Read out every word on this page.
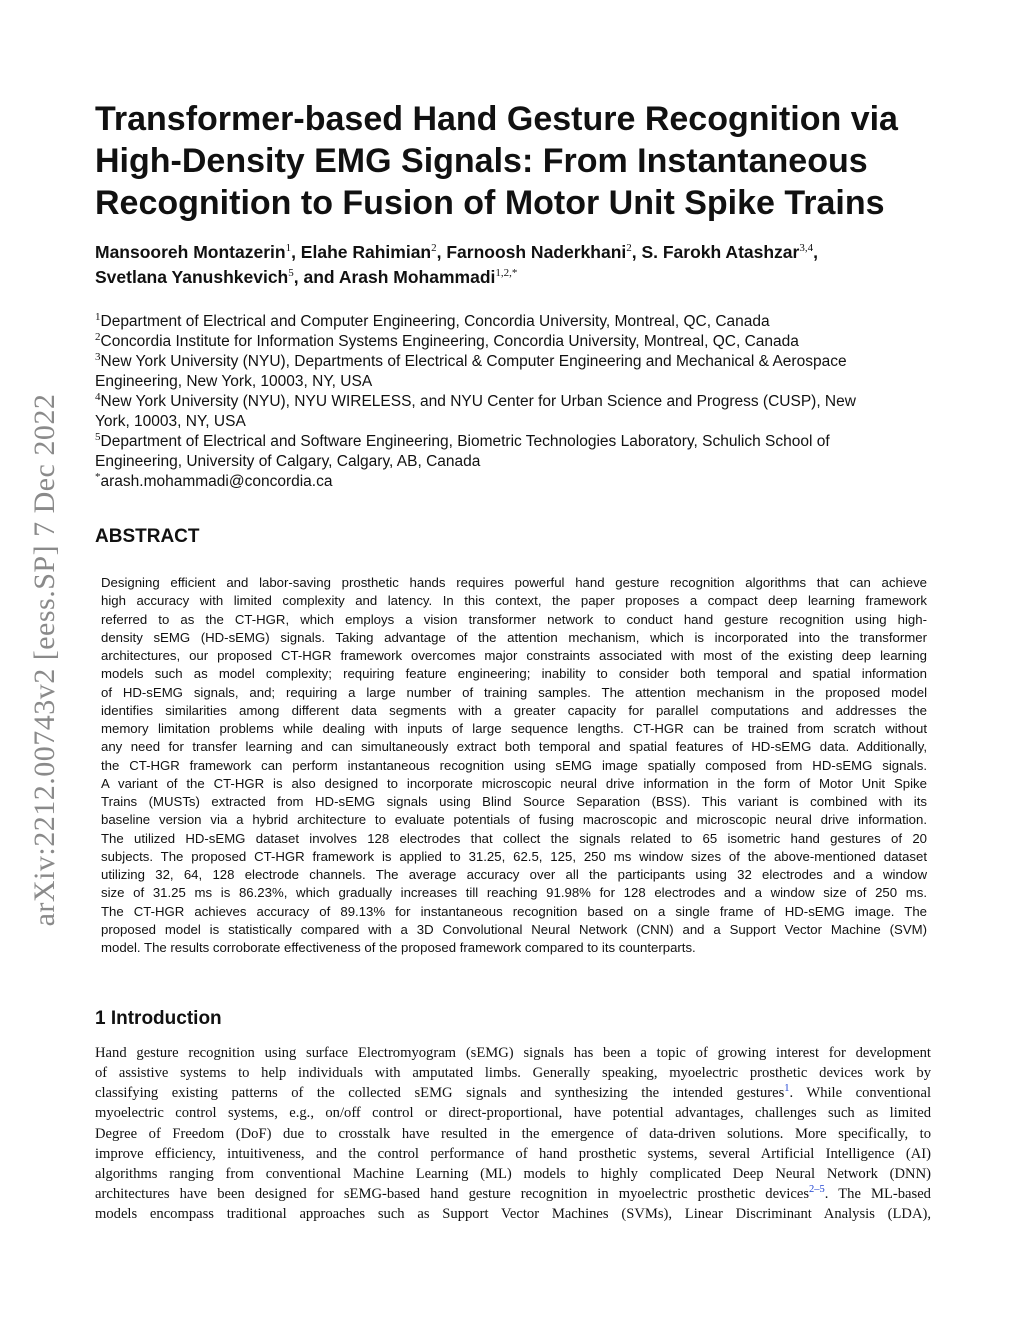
arXiv:2212.00743v2 [eess.SP] 7 Dec 2022
Transformer-based Hand Gesture Recognition via
High-Density EMG Signals: From Instantaneous
Recognition to Fusion of Motor Unit Spike Trains
Mansooreh Montazerin$^1$, Elahe Rahimian$^2$, Farnoosh Naderkhani$^2$, S. Farokh Atashzar$^{3,4}$,
Svetlana Yanushkevich$^5$, and Arash Mohammadi$^{1,2,*}$
$^1$Department of Electrical and Computer Engineering, Concordia University, Montreal, QC, Canada
$^2$Concordia Institute for Information Systems Engineering, Concordia University, Montreal, QC, Canada
$^3$New York University (NYU), Departments of Electrical & Computer Engineering and Mechanical & Aerospace
Engineering, New York, 10003, NY, USA
$^4$New York University (NYU), NYU WIRELESS, and NYU Center for Urban Science and Progress (CUSP), New
York, 10003, NY, USA
$^5$Department of Electrical and Software Engineering, Biometric Technologies Laboratory, Schulich School of
Engineering, University of Calgary, Calgary, AB, Canada
*arash.mohammadi@concordia.ca
ABSTRACT
Designing efficient and labor-saving prosthetic hands requires powerful hand gesture recognition algorithms that can achieve
high accuracy with limited complexity and latency. In this context, the paper proposes a compact deep learning framework
referred to as the CT-HGR, which employs a vision transformer network to conduct hand gesture recognition using high-
density sEMG (HD-sEMG) signals. Taking advantage of the attention mechanism, which is incorporated into the transformer
architectures, our proposed CT-HGR framework overcomes major constraints associated with most of the existing deep learning
models such as model complexity; requiring feature engineering; inability to consider both temporal and spatial information
of HD-sEMG signals, and; requiring a large number of training samples. The attention mechanism in the proposed model
identifies similarities among different data segments with a greater capacity for parallel computations and addresses the
memory limitation problems while dealing with inputs of large sequence lengths. CT-HGR can be trained from scratch without
any need for transfer learning and can simultaneously extract both temporal and spatial features of HD-sEMG data. Additionally,
the CT-HGR framework can perform instantaneous recognition using sEMG image spatially composed from HD-sEMG signals.
A variant of the CT-HGR is also designed to incorporate microscopic neural drive information in the form of Motor Unit Spike
Trains (MUSTs) extracted from HD-sEMG signals using Blind Source Separation (BSS). This variant is combined with its
baseline version via a hybrid architecture to evaluate potentials of fusing macroscopic and microscopic neural drive information.
The utilized HD-sEMG dataset involves 128 electrodes that collect the signals related to 65 isometric hand gestures of 20
subjects. The proposed CT-HGR framework is applied to 31.25, 62.5, 125, 250 ms window sizes of the above-mentioned dataset
utilizing 32, 64, 128 electrode channels. The average accuracy over all the participants using 32 electrodes and a window
size of 31.25 ms is 86.23%, which gradually increases till reaching 91.98% for 128 electrodes and a window size of 250 ms.
The CT-HGR achieves accuracy of 89.13% for instantaneous recognition based on a single frame of HD-sEMG image. The
proposed model is statistically compared with a 3D Convolutional Neural Network (CNN) and a Support Vector Machine (SVM)
model. The results corroborate effectiveness of the proposed framework compared to its counterparts.
1 Introduction
Hand gesture recognition using surface Electromyogram (sEMG) signals has been a topic of growing interest for development
of assistive systems to help individuals with amputated limbs. Generally speaking, myoelectric prosthetic devices work by
classifying existing patterns of the collected sEMG signals and synthesizing the intended gestures$^1$. While conventional
myoelectric control systems, e.g., on/off control or direct-proportional, have potential advantages, challenges such as limited
Degree of Freedom (DoF) due to crosstalk have resulted in the emergence of data-driven solutions. More specifically, to
improve efficiency, intuitiveness, and the control performance of hand prosthetic systems, several Artificial Intelligence (AI)
algorithms ranging from conventional Machine Learning (ML) models to highly complicated Deep Neural Network (DNN)
architectures have been designed for sEMG-based hand gesture recognition in myoelectric prosthetic devices$^{2-5}$. The ML-based
models encompass traditional approaches such as Support Vector Machines (SVMs), Linear Discriminant Analysis (LDA),
